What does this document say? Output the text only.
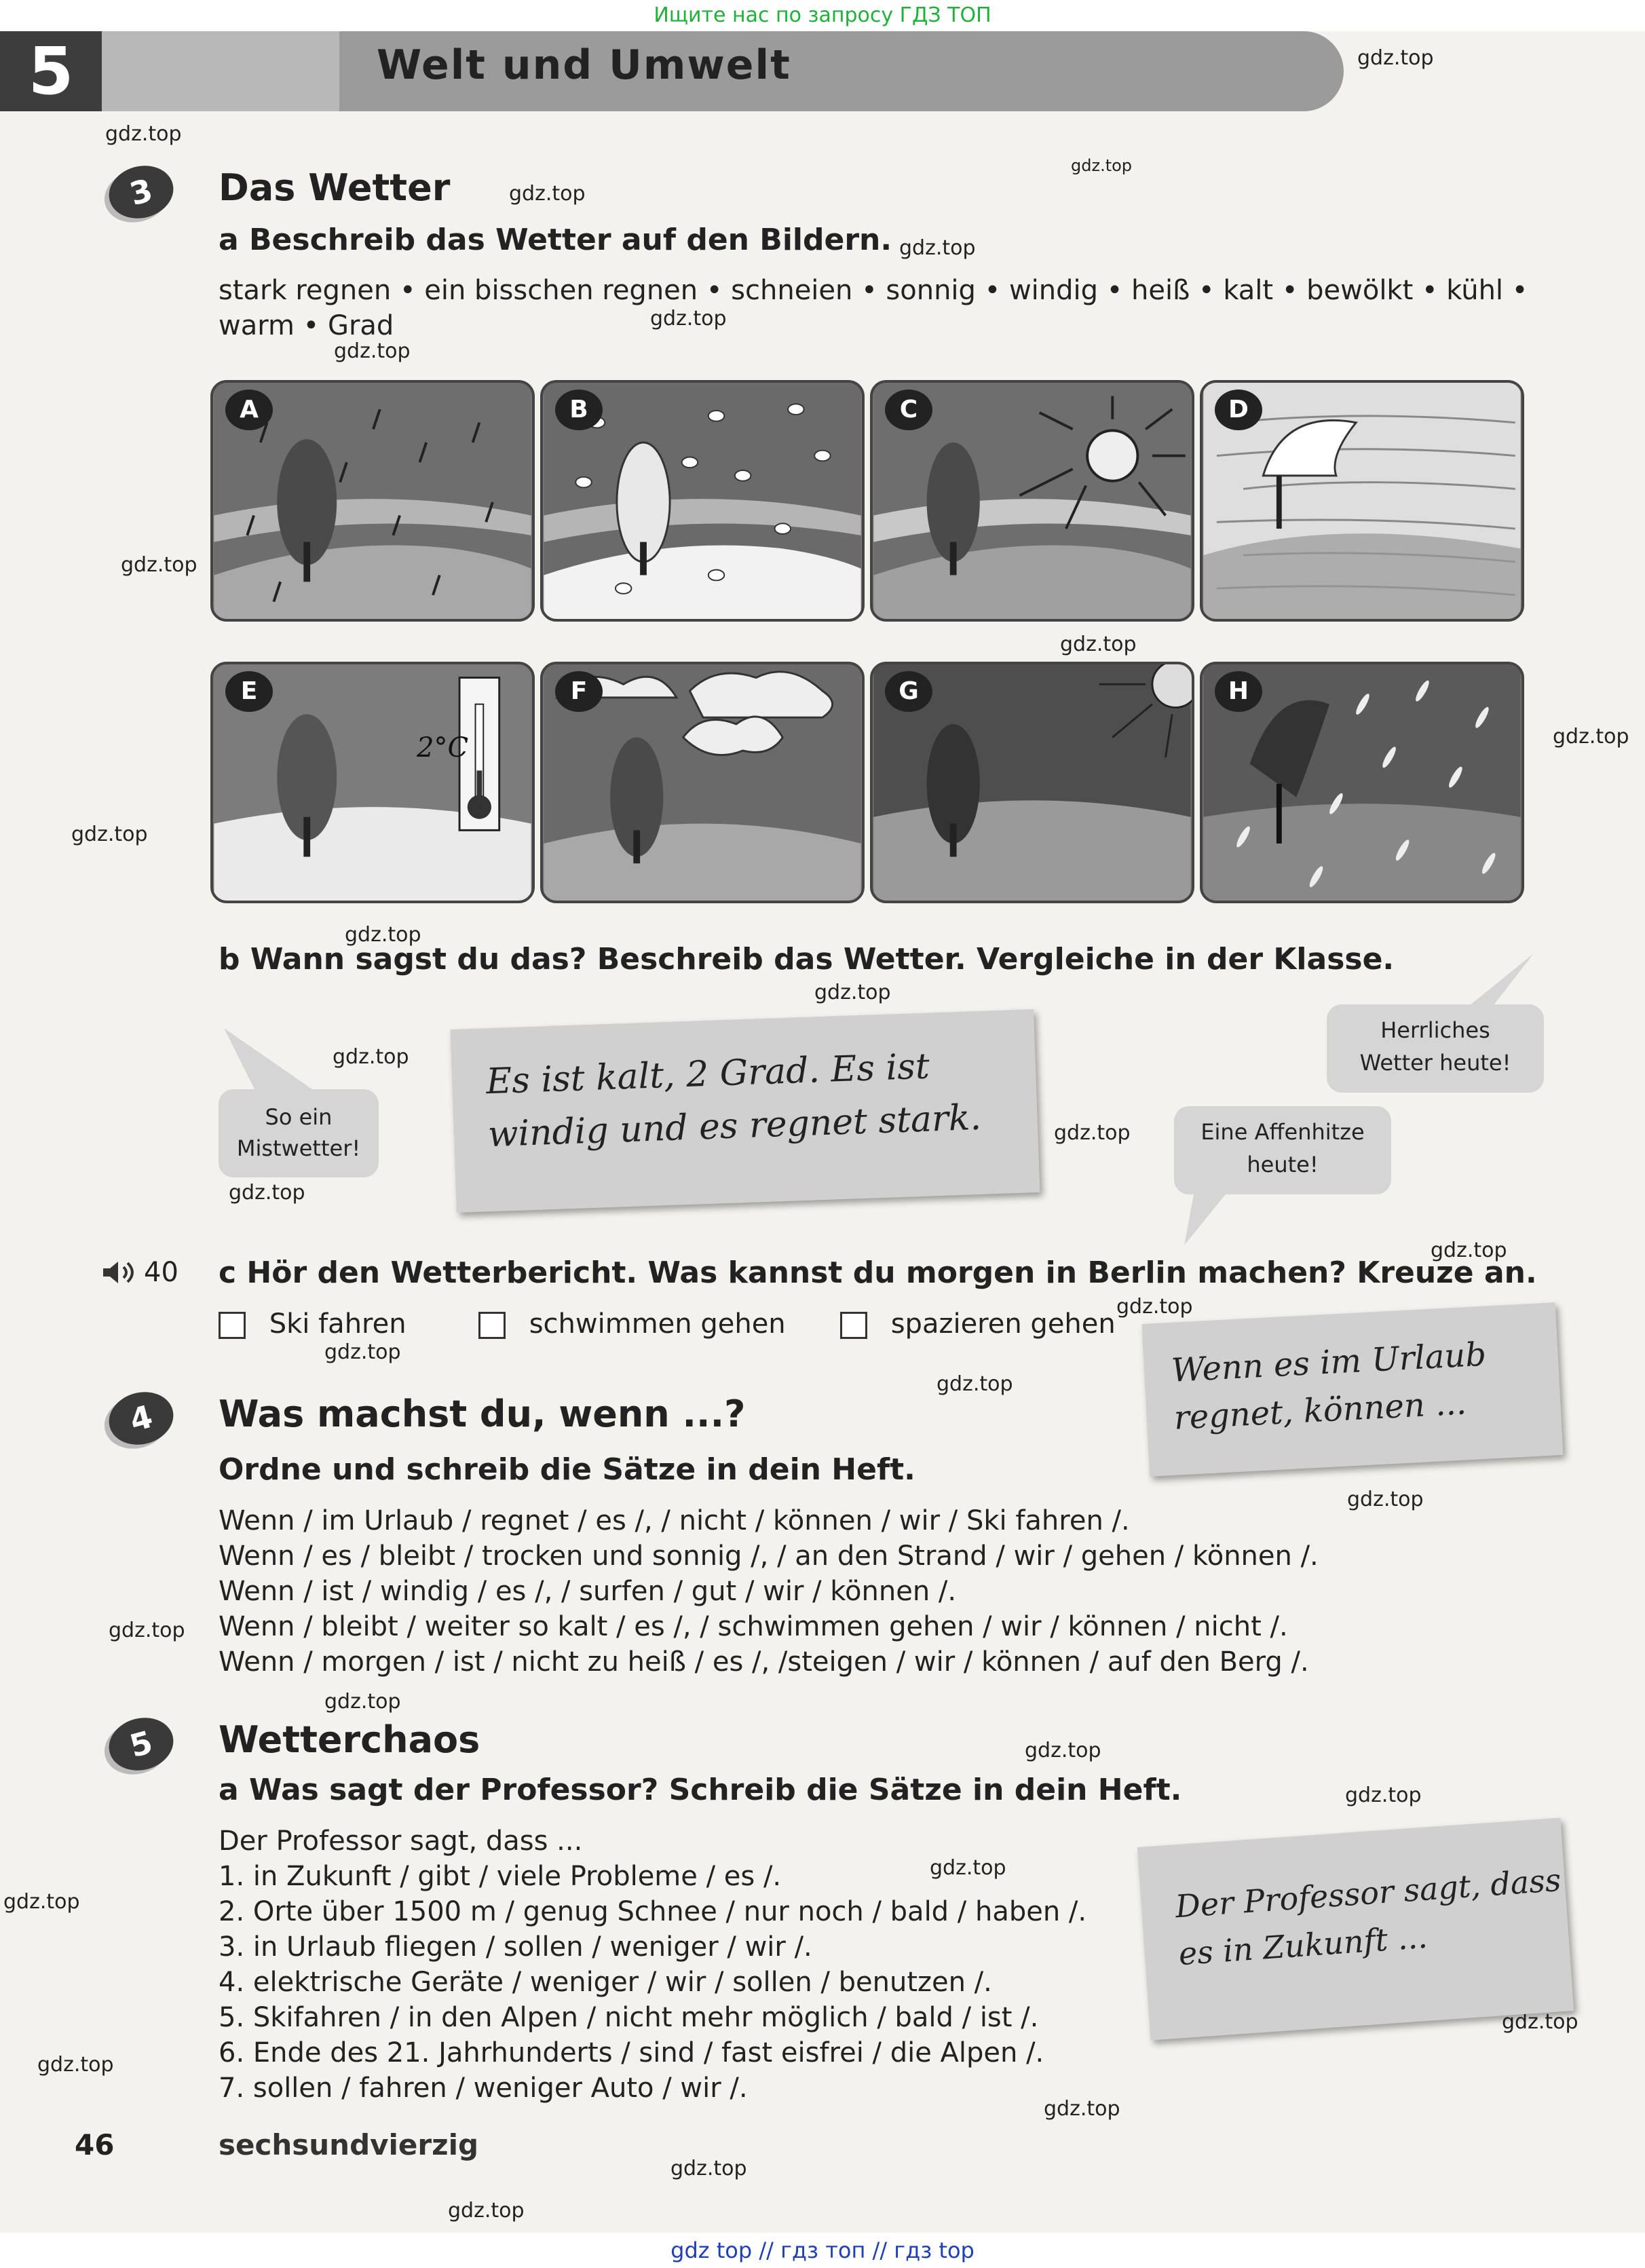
Ищите нас по запросу ГДЗ ТОП
gdz top // гдз топ // гдз top
5	Welt und Umwelt	gdz.top
gdz.top
gdz.top
gdz.top
gdz.top
gdz.top
gdz.top
gdz.top
gdz.top
gdz.top
gdz.top
gdz.top
gdz.top
gdz.top
gdz.top
gdz.top
gdz.top
gdz.top
gdz.top
gdz.top
gdz.top
gdz.top
gdz.top
gdz.top
gdz.top
gdz.top
gdz.top
gdz.top
gdz.top
gdz.top
gdz.top
gdz.top
3	Das Wetter
a Beschreib das Wetter auf den Bildern.
stark regnen • ein bisschen regnen • schneien • sonnig • windig • heiß • kalt • bewölkt • kühl •
warm • Grad
A	B	C	D
E
2°C
F	G	H
b Wann sagst du das? Beschreib das Wetter. Vergleiche in der Klasse.
So ein
Mistwetter!
Es ist kalt, 2 Grad. Es ist
windig und es regnet stark.
Herrliches
Wetter heute!
Eine Affenhitze
heute!
40 c Hör den Wetterbericht. Was kannst du morgen in Berlin machen? Kreuze an.
Ski fahren	schwimmen gehen	spazieren gehen
4	Was machst du, wenn ...?
Ordne und schreib die Sätze in dein Heft.
Wenn es im Urlaub
regnet, können ...
Wenn / im Urlaub / regnet / es /, / nicht / können / wir / Ski fahren /.
Wenn / es / bleibt / trocken und sonnig /, / an den Strand / wir / gehen / können /.
Wenn / ist / windig / es /, / surfen / gut / wir / können /.
Wenn / bleibt / weiter so kalt / es /, / schwimmen gehen / wir / können / nicht /.
Wenn / morgen / ist / nicht zu heiß / es /, /steigen / wir / können / auf den Berg /.
5	Wetterchaos
a Was sagt der Professor? Schreib die Sätze in dein Heft.
Der Professor sagt, dass ...
Der Professor sagt, dass
es in Zukunft ...
1. in Zukunft / gibt / viele Probleme / es /.
2. Orte über 1500 m / genug Schnee / nur noch / bald / haben /.
3. in Urlaub fliegen / sollen / weniger / wir /.
4. elektrische Geräte / weniger / wir / sollen / benutzen /.
5. Skifahren / in den Alpen / nicht mehr möglich / bald / ist /.
6. Ende des 21. Jahrhunderts / sind / fast eisfrei / die Alpen /.
7. sollen / fahren / weniger Auto / wir /.
46	sechsundvierzig
